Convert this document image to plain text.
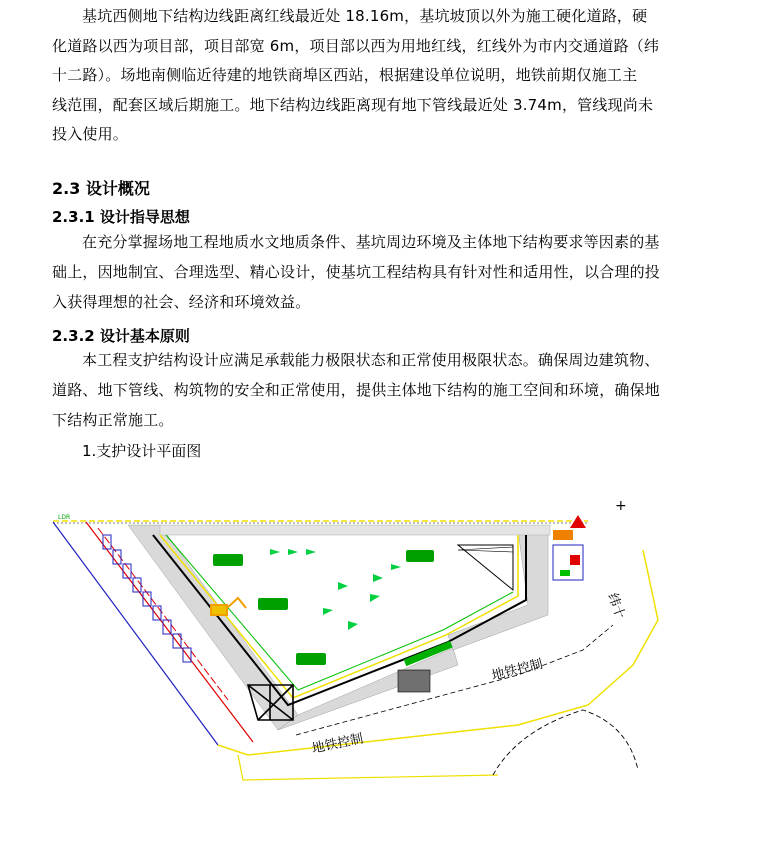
基坑西侧地下结构边线距离红线最近处 18.16m，基坑坡顶以外为施工硬化道路，硬

化道路以西为项目部，项目部宽 6m，项目部以西为用地红线，红线外为市内交通道路（纬

十二路）。场地南侧临近待建的地铁商埠区西站，根据建设单位说明，地铁前期仅施工主

线范围，配套区域后期施工。地下结构边线距离现有地下管线最近处 3.74m，管线现尚未

投入使用。

2.3 设计概况
2.3.1 设计指导思想

在充分掌握场地工程地质水文地质条件、基坑周边环境及主体地下结构要求等因素的基

础上，因地制宜、合理选型、精心设计，使基坑工程结构具有针对性和适用性，以合理的投

入获得理想的社会、经济和环境效益。

2.3.2 设计基本原则

本工程支护结构设计应满足承载能力极限状态和正常使用极限状态。确保周边建筑物、

道路、地下管线、构筑物的安全和正常使用，提供主体地下结构的施工空间和环境，确保地

下结构正常施工。

1.支护设计平面图

+
LDR
地铁控制
地铁控制
纬十
